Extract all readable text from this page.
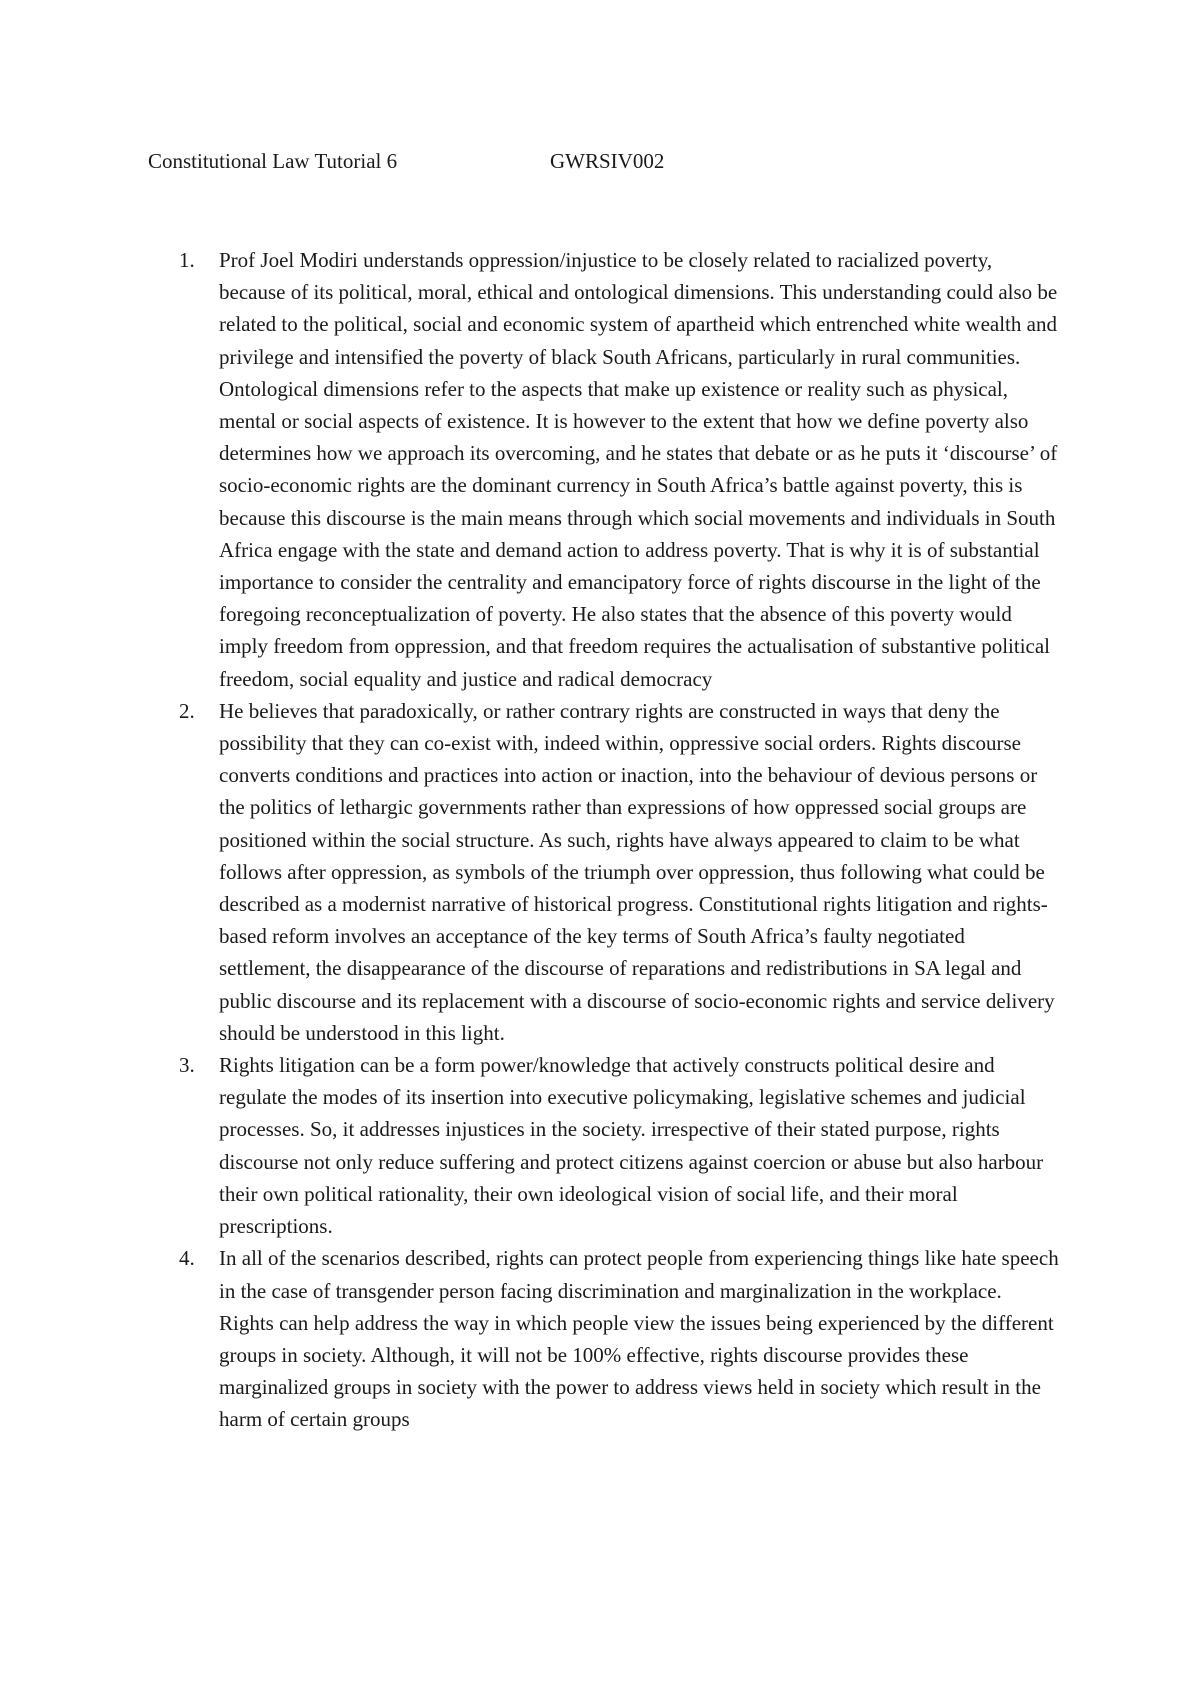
Constitutional Law Tutorial 6	GWRSIV002
1. Prof Joel Modiri understands oppression/injustice to be closely related to racialized poverty, because of its political, moral, ethical and ontological dimensions. This understanding could also be related to the political, social and economic system of apartheid which entrenched white wealth and privilege and intensified the poverty of black South Africans, particularly in rural communities. Ontological dimensions refer to the aspects that make up existence or reality such as physical, mental or social aspects of existence. It is however to the extent that how we define poverty also determines how we approach its overcoming, and he states that debate or as he puts it ‘discourse’ of socio-economic rights are the dominant currency in South Africa’s battle against poverty, this is because this discourse is the main means through which social movements and individuals in South Africa engage with the state and demand action to address poverty. That is why it is of substantial importance to consider the centrality and emancipatory force of rights discourse in the light of the foregoing reconceptualization of poverty. He also states that the absence of this poverty would imply freedom from oppression, and that freedom requires the actualisation of substantive political freedom, social equality and justice and radical democracy
2. He believes that paradoxically, or rather contrary rights are constructed in ways that deny the possibility that they can co-exist with, indeed within, oppressive social orders. Rights discourse converts conditions and practices into action or inaction, into the behaviour of devious persons or the politics of lethargic governments rather than expressions of how oppressed social groups are positioned within the social structure. As such, rights have always appeared to claim to be what follows after oppression, as symbols of the triumph over oppression, thus following what could be described as a modernist narrative of historical progress. Constitutional rights litigation and rights-based reform involves an acceptance of the key terms of South Africa’s faulty negotiated settlement, the disappearance of the discourse of reparations and redistributions in SA legal and public discourse and its replacement with a discourse of socio-economic rights and service delivery should be understood in this light.
3. Rights litigation can be a form power/knowledge that actively constructs political desire and regulate the modes of its insertion into executive policymaking, legislative schemes and judicial processes. So, it addresses injustices in the society. irrespective of their stated purpose, rights discourse not only reduce suffering and protect citizens against coercion or abuse but also harbour their own political rationality, their own ideological vision of social life, and their moral prescriptions.
4. In all of the scenarios described, rights can protect people from experiencing things like hate speech in the case of transgender person facing discrimination and marginalization in the workplace. Rights can help address the way in which people view the issues being experienced by the different groups in society. Although, it will not be 100% effective, rights discourse provides these marginalized groups in society with the power to address views held in society which result in the harm of certain groups
